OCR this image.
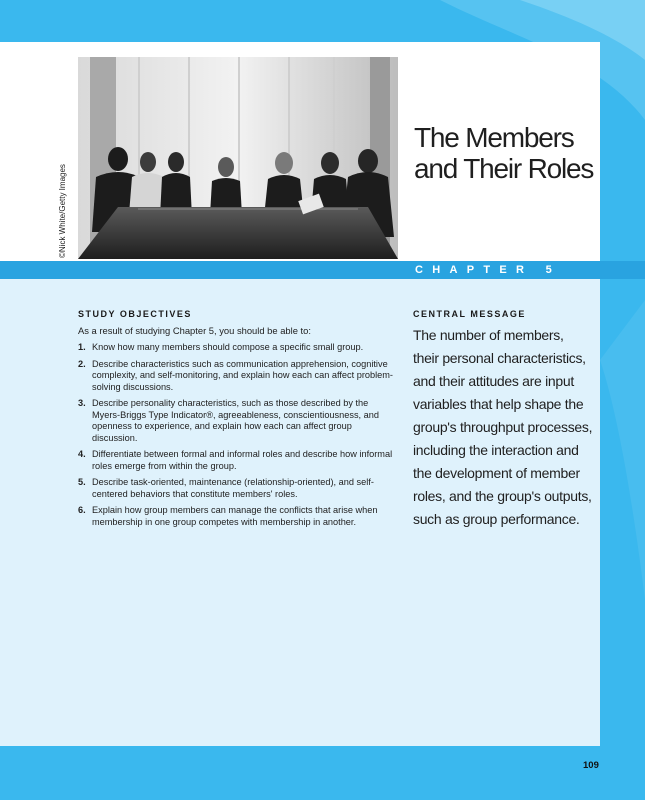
©Nick White/Getty Images
The Members
and Their Roles
CHAPTER 5
STUDY OBJECTIVES
As a result of studying Chapter 5, you should be able to:
1. Know how many members should compose a specific small group.
2. Describe characteristics such as communication apprehension, cognitive complexity, and self-monitoring, and explain how each can affect problem-solving discussions.
3. Describe personality characteristics, such as those described by the Myers-Briggs Type Indicator®, agreeableness, conscientiousness, and openness to experience, and explain how each can affect group discussion.
4. Differentiate between formal and informal roles and describe how informal roles emerge from within the group.
5. Describe task-oriented, maintenance (relationship-oriented), and self-centered behaviors that constitute members' roles.
6. Explain how group members can manage the conflicts that arise when membership in one group competes with membership in another.
CENTRAL MESSAGE
The number of members,
their personal characteristics,
and their attitudes are input
variables that help shape the
group's throughput processes,
including the interaction and
the development of member
roles, and the group's outputs,
such as group performance.
109
